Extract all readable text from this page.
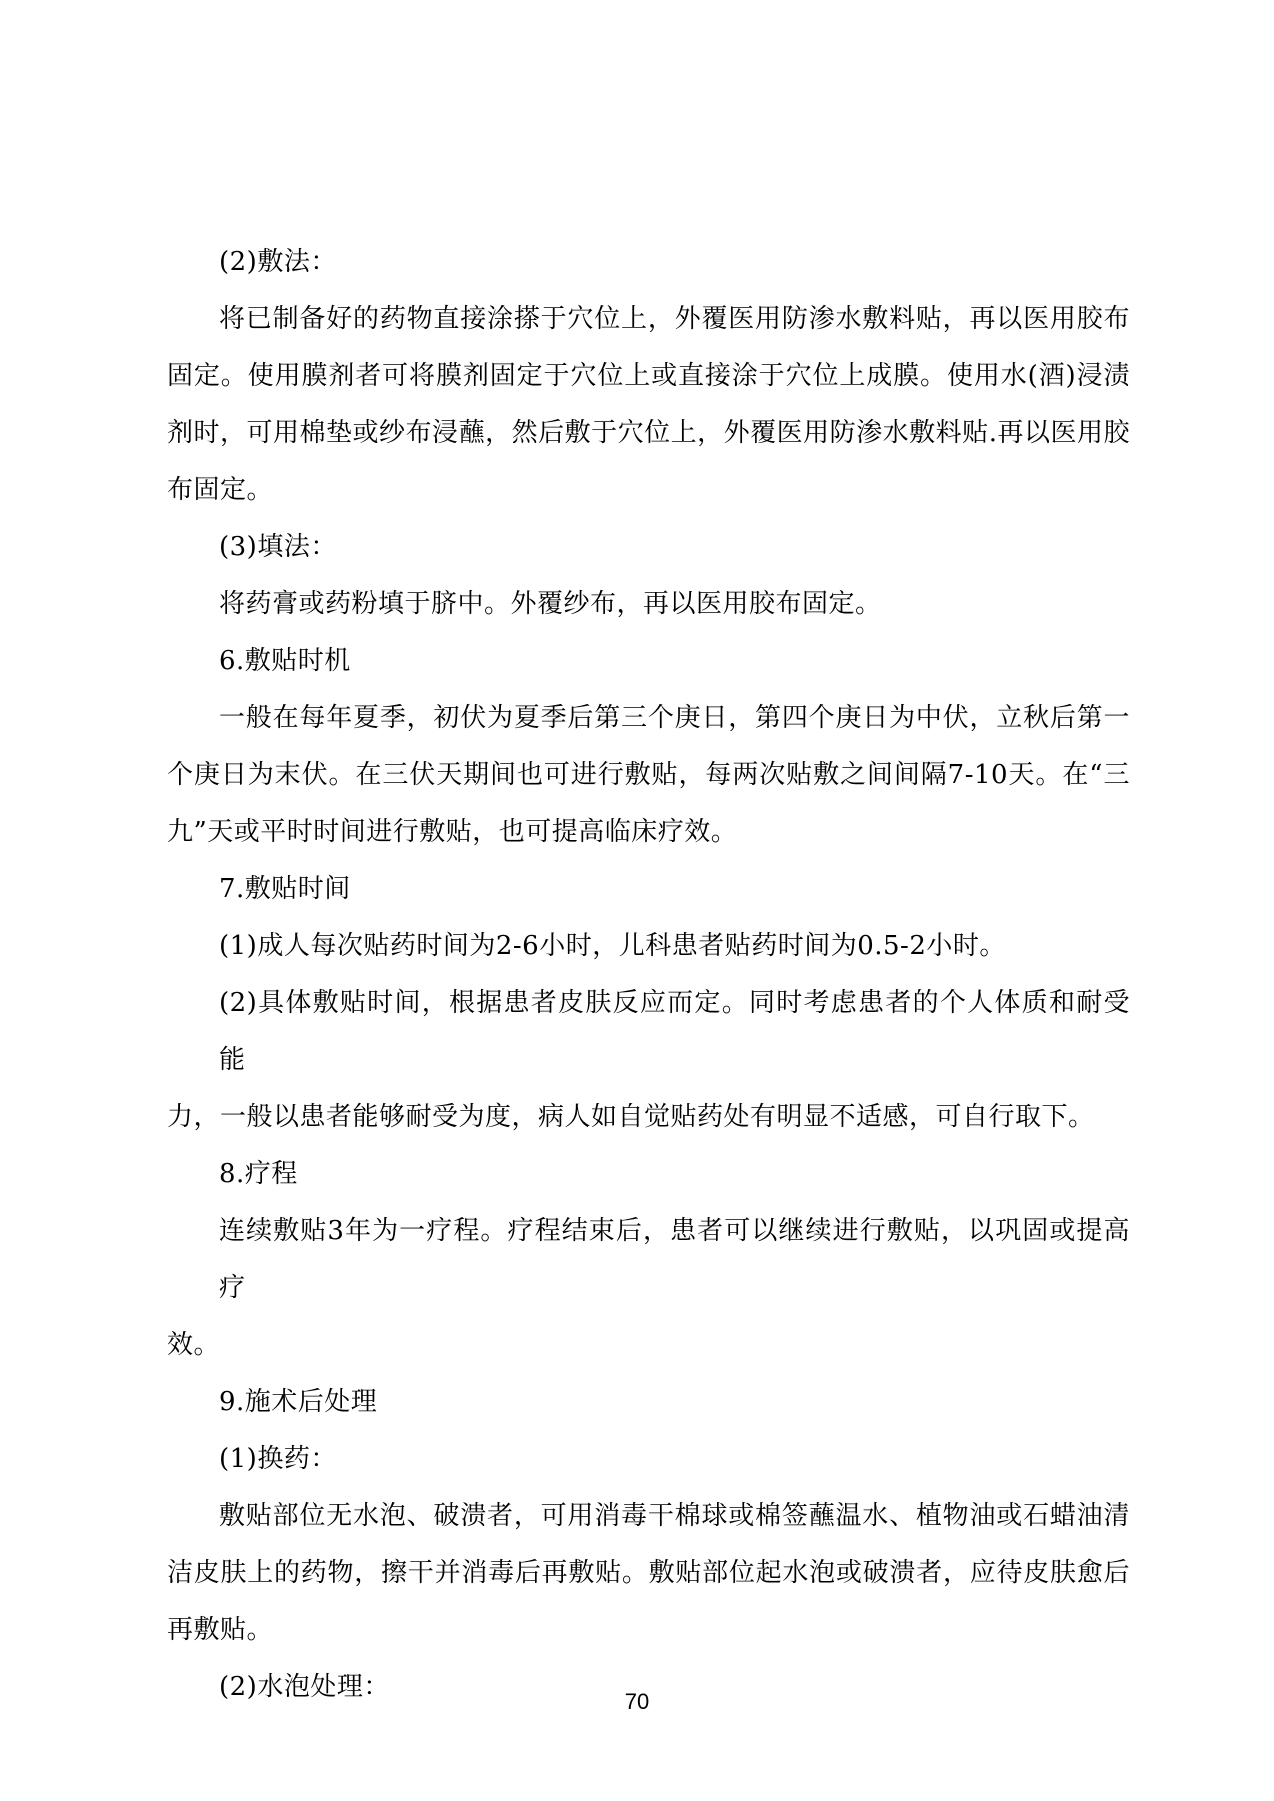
(2)敷法：

将已制备好的药物直接涂搽于穴位上，外覆医用防渗水敷料贴，再以医用胶布
固定。使用膜剂者可将膜剂固定于穴位上或直接涂于穴位上成膜。使用水(酒)浸渍
剂时，可用棉垫或纱布浸蘸，然后敷于穴位上，外覆医用防渗水敷料贴.再以医用胶
布固定。

(3)填法：

将药膏或药粉填于脐中。外覆纱布，再以医用胶布固定。

6.敷贴时机

一般在每年夏季，初伏为夏季后第三个庚日，第四个庚日为中伏，立秋后第一
个庚日为末伏。在三伏天期间也可进行敷贴，每两次贴敷之间间隔7-10天。在“三
九”天或平时时间进行敷贴，也可提高临床疗效。

7.敷贴时间

(1)成人每次贴药时间为2-6小时，儿科患者贴药时间为0.5-2小时。

(2)具体敷贴时间，根据患者皮肤反应而定。同时考虑患者的个人体质和耐受能
力，一般以患者能够耐受为度，病人如自觉贴药处有明显不适感，可自行取下。

8.疗程

连续敷贴3年为一疗程。疗程结束后，患者可以继续进行敷贴，以巩固或提高疗
效。

9.施术后处理

(1)换药：

敷贴部位无水泡、破溃者，可用消毒干棉球或棉签蘸温水、植物油或石蜡油清
洁皮肤上的药物，擦干并消毒后再敷贴。敷贴部位起水泡或破溃者，应待皮肤愈后
再敷贴。

(2)水泡处理：	70
